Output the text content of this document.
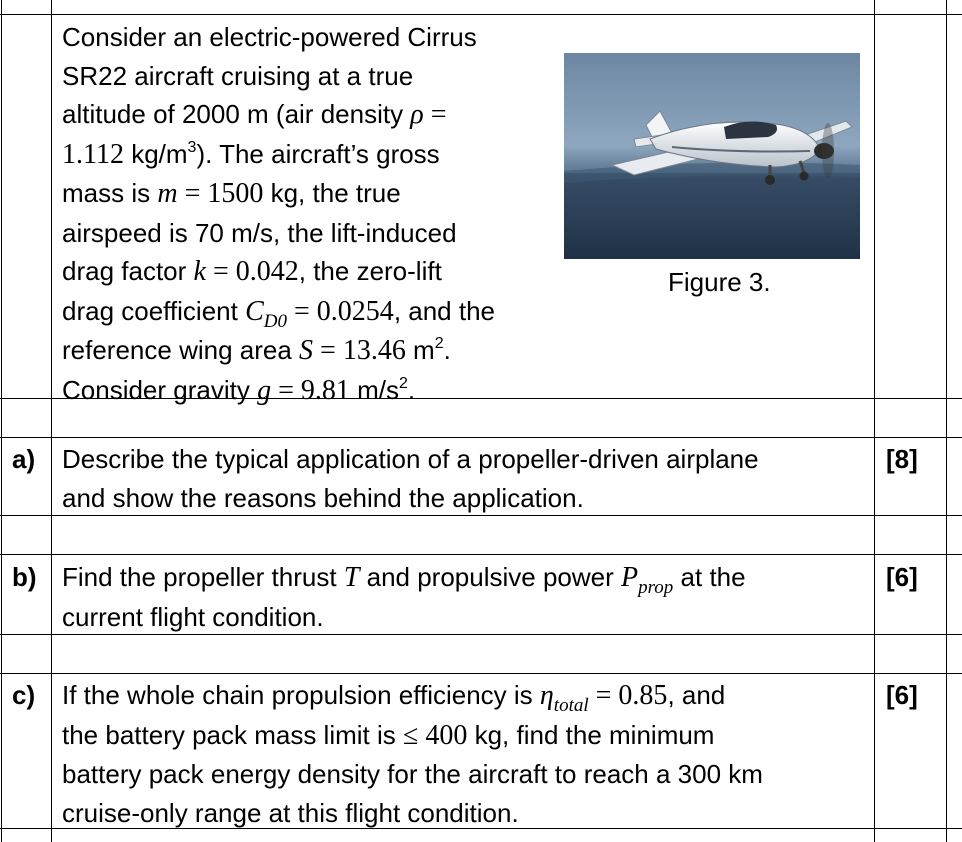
Consider an electric-powered Cirrus
SR22 aircraft cruising at a true
altitude of 2000 m (air density ρ =
1.112 $kg/m^3$). The aircraft’s gross
mass is m = 1500 kg, the true
airspeed is 70 m/s, the lift-induced
drag factor k = 0.042, the zero-lift
drag coefficient $C_{D0} = 0.0254$, and the
reference wing area S = 13.46 $m^2$.
Consider gravity g = 9.81 $m/s^2$.
Figure 3.
a) Describe the typical application of a propeller-driven airplane
and show the reasons behind the application.
[8]
b) Find the propeller thrust T and propulsive power $P_{prop}$ at the
current flight condition.
[6]
c) If the whole chain propulsion efficiency is $\eta_{total} = 0.85$, and
the battery pack mass limit is ≤ 400 kg, find the minimum
battery pack energy density for the aircraft to reach a 300 km
cruise-only range at this flight condition.
[6]
